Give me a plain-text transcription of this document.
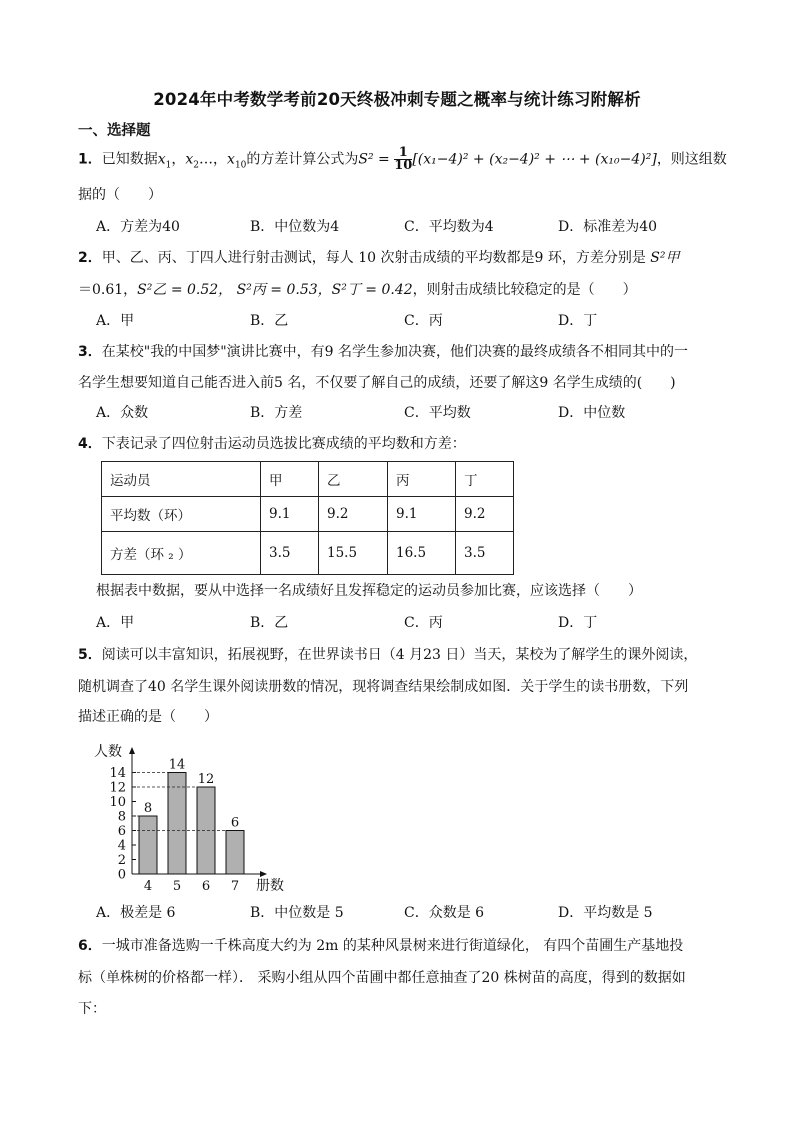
2024年中考数学考前20天终极冲刺专题之概率与统计练习附解析
一、选择题
1．已知数据$x_1$，$x_2\dots$，$x_{10}$的方差计算公式为$S^2 = \frac{1}{10} [(x_1-4)^2 + (x_2-4)^2$ + ⋯ + (x₁₀−4)²]，则这组数
据的（　　）
A．方差为40	B．中位数为4	C．平均数为4	D．标准差为40
2．甲、乙、丙、丁四人进行射击测试，每人 10 次射击成绩的平均数都是9 环，方差分别是 S²甲
＝0.61，S²乙 = 0.52， S²丙 = 0.53，S²丁 = 0.42，则射击成绩比较稳定的是（　　）
A．甲	B．乙	C．丙	D．丁
3．在某校"我的中国梦"演讲比赛中，有9 名学生参加决赛，他们决赛的最终成绩各不相同其中的一
名学生想要知道自己能否进入前5 名，不仅要了解自己的成绩，还要了解这9 名学生成绩的(　　)
A．众数	B．方差	C．平均数	D．中位数
4．下表记录了四位射击运动员选拔比赛成绩的平均数和方差：
运动员	甲	乙	丙	丁
平均数（环）	9.1	9.2	9.1	9.2
方差（环 ₂ ）	3.5	15.5	16.5	3.5
根据表中数据，要从中选择一名成绩好且发挥稳定的运动员参加比赛，应该选择（　　）
A．甲	B．乙	C．丙	D．丁
5．阅读可以丰富知识，拓展视野，在世界读书日（4 月23 日）当天，某校为了解学生的课外阅读，
随机调查了40 名学生课外阅读册数的情况，现将调查结果绘制成如图．关于学生的读书册数，下列
描述正确的是（　　）
0
2
4
6
8
10
12
14
人数
册数
8
4
14
5
12
6
6
7
A．极差是 6	B．中位数是 5	C．众数是 6	D．平均数是 5
6．一城市准备选购一千株高度大约为 2m 的某种风景树来进行街道绿化， 有四个苗圃生产基地投
标（单株树的价格都一样）． 采购小组从四个苗圃中都任意抽查了20 株树苗的高度，得到的数据如
下：
